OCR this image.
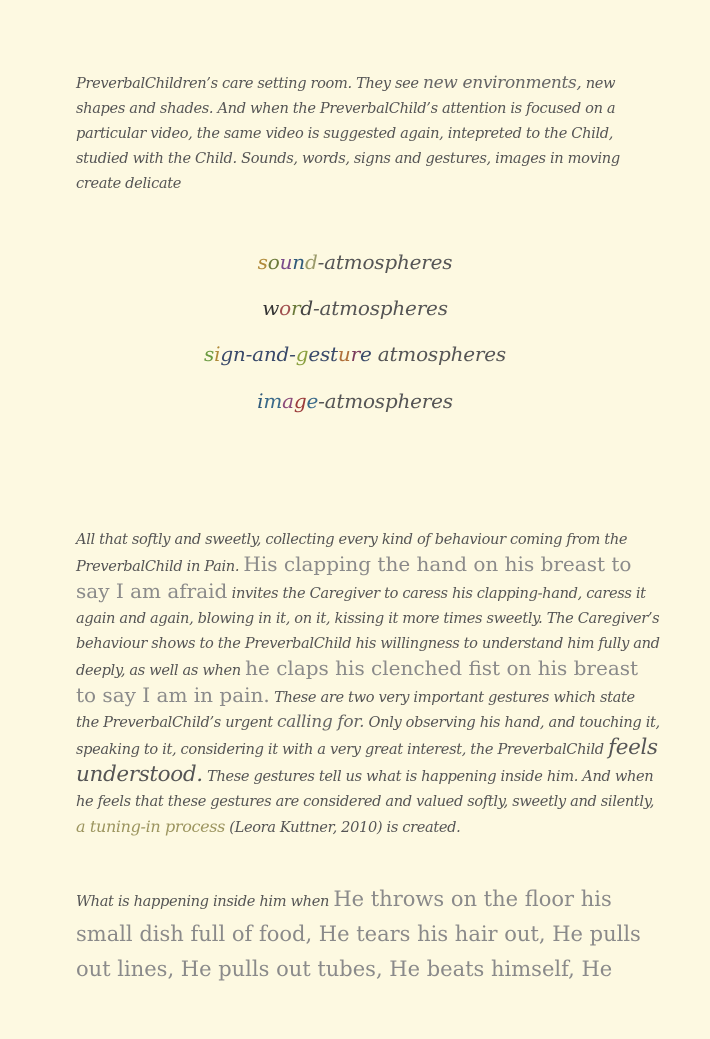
PreverbalChildren’s care setting room. They see new environments, new shapes and shades. And when the PreverbalChild’s attention is focused on a particular video, the same video is suggested again, intepreted to the Child, studied with the Child. Sounds, words, signs and gestures, images in moving create delicate

sound-atmospheres
word-atmospheres
sign-and-gesture atmospheres
image-atmospheres

All that softly and sweetly, collecting every kind of behaviour coming from the PreverbalChild in Pain. His clapping the hand on his breast to say I am afraid invites the Caregiver to caress his clapping-hand, caress it again and again, blowing in it, on it, kissing it more times sweetly. The Caregiver’s behaviour shows to the PreverbalChild his willingness to understand him fully and deeply, as well as when he claps his clenched fist on his breast to say I am in pain. These are two very important gestures which state the PreverbalChild’s urgent calling for. Only observing his hand, and touching it, speaking to it, considering it with a very great interest, the PreverbalChild feels understood. These gestures tell us what is happening inside him. And when he feels that these gestures are considered and valued softly, sweetly and silently, a tuning-in process (Leora Kuttner, 2010) is created.

What is happening inside him when He throws on the floor his small dish full of food, He tears his hair out, He pulls out lines, He pulls out tubes, He beats himself, He
